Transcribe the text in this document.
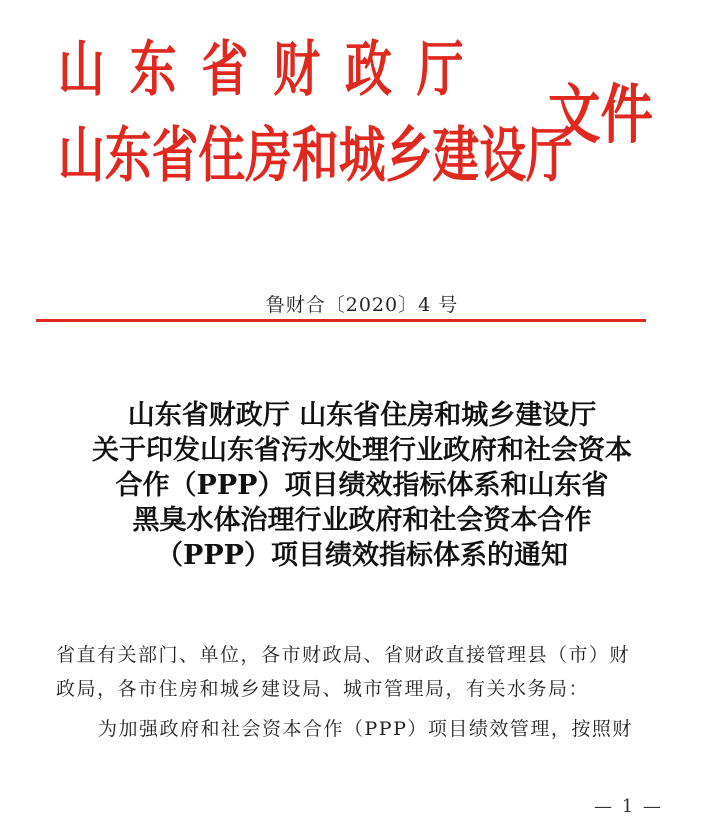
山东省财政厅
山东省住房和城乡建设厅
文件
鲁财合〔2020〕4 号
山东省财政厅 山东省住房和城乡建设厅
关于印发山东省污水处理行业政府和社会资本
合作（PPP）项目绩效指标体系和山东省
黑臭水体治理行业政府和社会资本合作
（PPP）项目绩效指标体系的通知
省直有关部门、单位，各市财政局、省财政直接管理县（市）财
政局，各市住房和城乡建设局、城市管理局，有关水务局：
为加强政府和社会资本合作（PPP）项目绩效管理，按照财
— 1 —
